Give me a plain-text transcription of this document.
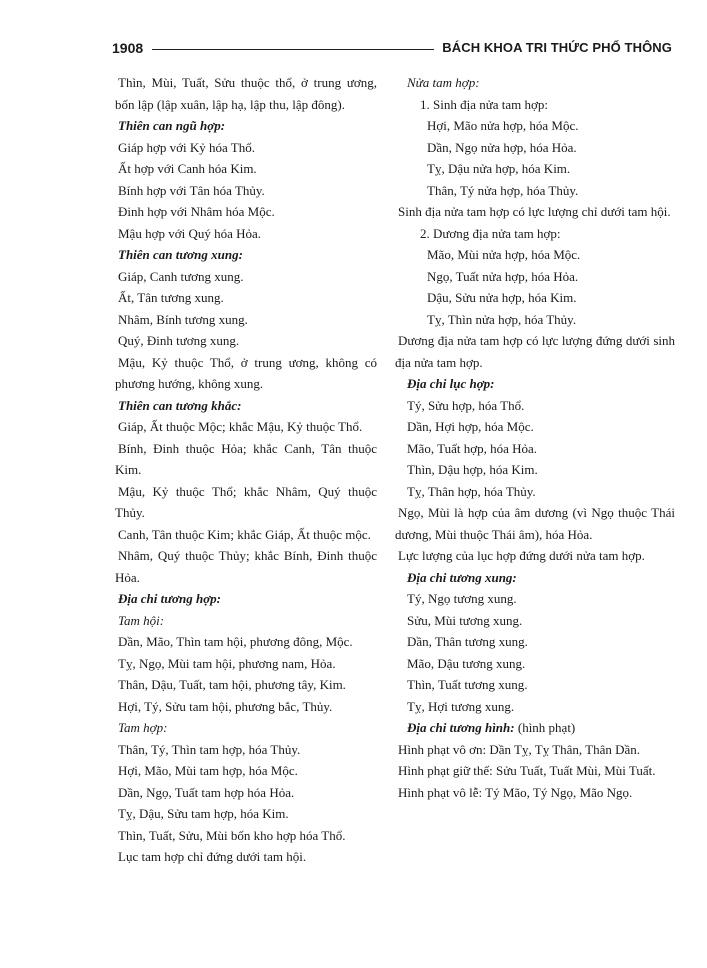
1908	BÁCH KHOA TRI THỨC PHỔ THÔNG

Thìn, Mùi, Tuất, Sửu thuộc thổ, ở trung ương, bốn lập (lập xuân, lập hạ, lập thu, lập đông).

Thiên can ngũ hợp:

Giáp hợp với Kỷ hóa Thổ.

Ất hợp với Canh hóa Kim.

Bính hợp với Tân hóa Thủy.

Đinh hợp với Nhâm hóa Mộc.

Mậu hợp với Quý hóa Hỏa.

Thiên can tương xung:

Giáp, Canh tương xung.

Ất, Tân tương xung.

Nhâm, Bính tương xung.

Quý, Đinh tương xung.

Mậu, Kỷ thuộc Thổ, ở trung ương, không có phương hướng, không xung.

Thiên can tương khắc:

Giáp, Ất thuộc Mộc; khắc Mậu, Kỷ thuộc Thổ.

Bính, Đinh thuộc Hỏa; khắc Canh, Tân thuộc Kim.

Mậu, Kỷ thuộc Thổ; khắc Nhâm, Quý thuộc Thủy.

Canh, Tân thuộc Kim; khắc Giáp, Ất thuộc mộc.

Nhâm, Quý thuộc Thủy; khắc Bính, Đinh thuộc Hỏa.

Địa chi tương hợp:

Tam hội:

Dần, Mão, Thìn tam hội, phương đông, Mộc.

Tỵ, Ngọ, Mùi tam hội, phương nam, Hỏa.

Thân, Dậu, Tuất, tam hội, phương tây, Kim.

Hợi, Tý, Sửu tam hội, phương bắc, Thủy.

Tam hợp:

Thân, Tý, Thìn tam hợp, hóa Thủy.

Hợi, Mão, Mùi tam hợp, hóa Mộc.

Dần, Ngọ, Tuất tam hợp hóa Hỏa.

Tỵ, Dậu, Sửu tam hợp, hóa Kim.

Thìn, Tuất, Sửu, Mùi bốn kho hợp hóa Thổ.

Lục tam hợp chỉ đứng dưới tam hội.

Nửa tam hợp:

1. Sinh địa nửa tam hợp:

Hợi, Mão nửa hợp, hóa Mộc.

Dần, Ngọ nửa hợp, hóa Hỏa.

Tỵ, Dậu nửa hợp, hóa Kim.

Thân, Tý nửa hợp, hóa Thủy.

Sinh địa nửa tam hợp có lực lượng chỉ dưới tam hội.

2. Dương địa nửa tam hợp:

Mão, Mùi nửa hợp, hóa Mộc.

Ngọ, Tuất nửa hợp, hóa Hỏa.

Dậu, Sửu nửa hợp, hóa Kim.

Tỵ, Thìn nửa hợp, hóa Thủy.

Dương địa nửa tam hợp có lực lượng đứng dưới sinh địa nửa tam hợp.

Địa chi lục hợp:

Tý, Sửu hợp, hóa Thổ.

Dần, Hợi hợp, hóa Mộc.

Mão, Tuất hợp, hóa Hỏa.

Thìn, Dậu hợp, hóa Kim.

Tỵ, Thân hợp, hóa Thủy.

Ngọ, Mùi là hợp của âm dương (vì Ngọ thuộc Thái dương, Mùi thuộc Thái âm), hóa Hỏa.

Lực lượng của lục hợp đứng dưới nửa tam hợp.

Địa chi tương xung:

Tý, Ngọ tương xung.

Sửu, Mùi tương xung.

Dần, Thân tương xung.

Mão, Dậu tương xung.

Thìn, Tuất tương xung.

Tỵ, Hợi tương xung.

Địa chi tương hình: (hình phạt)

Hình phạt vô ơn: Dần Tỵ, Tỵ Thân, Thân Dần.

Hình phạt giữ thế: Sửu Tuất, Tuất Mùi, Mùi Tuất.

Hình phạt vô lễ: Tý Mão, Tý Ngọ, Mão Ngọ.
